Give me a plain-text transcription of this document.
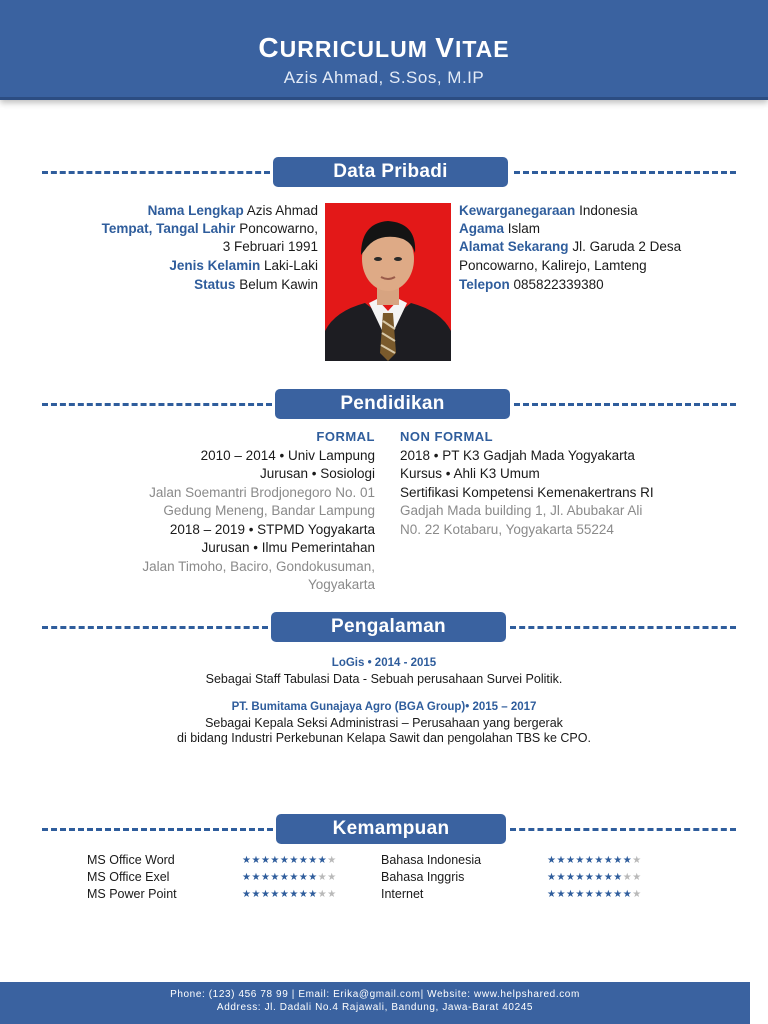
CURRICULUM VITAE
Azis Ahmad, S.Sos, M.IP
Data Pribadi
Nama Lengkap Azis Ahmad
Tempat, Tangal Lahir Poncowarno,
3 Februari 1991
Jenis Kelamin Laki-Laki
Status Belum Kawin
Kewarganegaraan Indonesia
Agama Islam
Alamat Sekarang Jl. Garuda 2 Desa
Poncowarno, Kalirejo, Lamteng
Telepon 085822339380
Pendidikan
FORMAL
2010 – 2014 • Univ Lampung
Jurusan • Sosiologi
Jalan Soemantri Brodjonegoro No. 01
Gedung Meneng, Bandar Lampung
2018 – 2019 • STPMD Yogyakarta
Jurusan • Ilmu Pemerintahan
Jalan Timoho, Baciro, Gondokusuman,
Yogyakarta
NON FORMAL
2018 • PT K3 Gadjah Mada Yogyakarta
Kursus • Ahli K3 Umum
Sertifikasi Kompetensi Kemenakertrans RI
Gadjah Mada building 1, Jl. Abubakar Ali
N0. 22 Kotabaru, Yogyakarta 55224
Pengalaman
LoGis • 2014 - 2015
Sebagai Staff Tabulasi Data - Sebuah perusahaan Survei Politik.
PT. Bumitama Gunajaya Agro (BGA Group)• 2015 – 2017
Sebagai Kepala Seksi Administrasi – Perusahaan yang bergerak
di bidang Industri Perkebunan Kelapa Sawit dan pengolahan TBS ke CPO.
Kemampuan
MS Office Word	★★★★★★★★★★
MS Office Exel	★★★★★★★★★★
MS Power Point	★★★★★★★★★★
Bahasa Indonesia	★★★★★★★★★★
Bahasa Inggris	★★★★★★★★★★
Internet	★★★★★★★★★★
Phone: (123) 456 78 99 | Email: Erika@gmail.com| Website: www.helpshared.com
Address: Jl. Dadali No.4 Rajawali, Bandung, Jawa-Barat 40245
